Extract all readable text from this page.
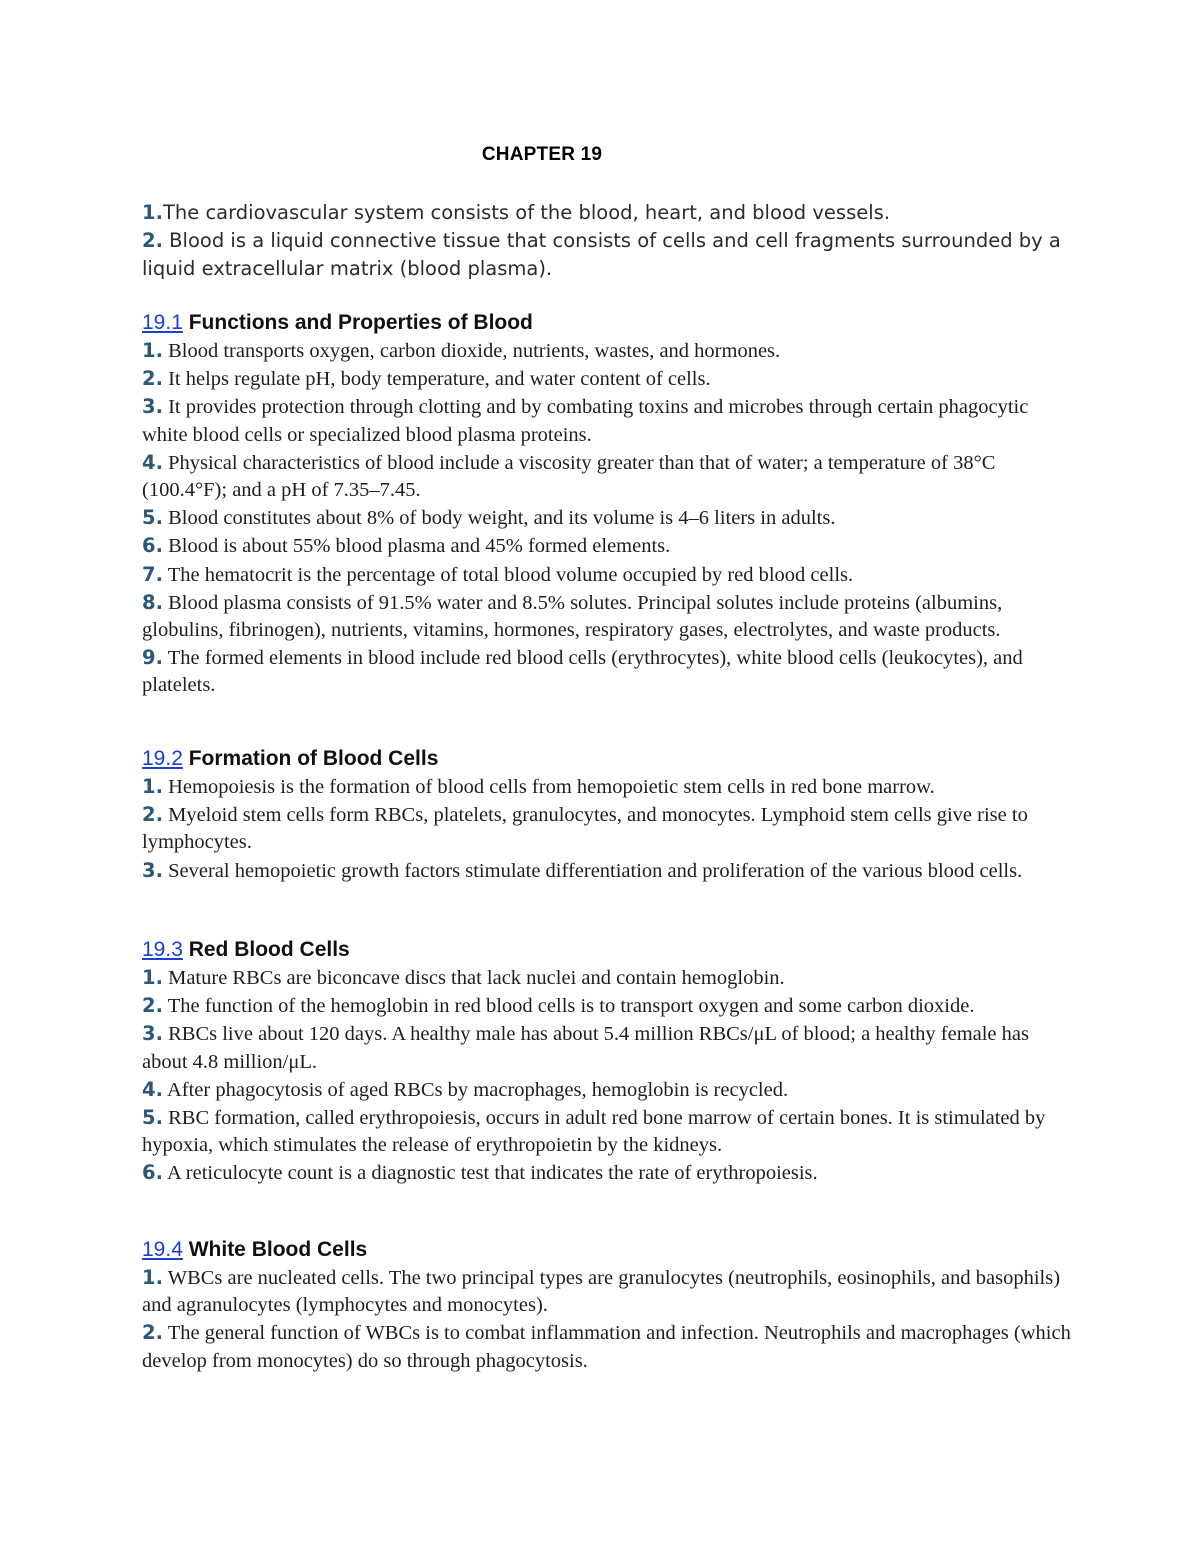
CHAPTER 19
1.The cardiovascular system consists of the blood, heart, and blood vessels.
2. Blood is a liquid connective tissue that consists of cells and cell fragments surrounded by a liquid extracellular matrix (blood plasma).

19.1 Functions and Properties of Blood

1. Blood transports oxygen, carbon dioxide, nutrients, wastes, and hormones.

2. It helps regulate pH, body temperature, and water content of cells.

3. It provides protection through clotting and by combating toxins and microbes through certain phagocytic white blood cells or specialized blood plasma proteins.

4. Physical characteristics of blood include a viscosity greater than that of water; a temperature of 38°C (100.4°F); and a pH of 7.35–7.45.

5. Blood constitutes about 8% of body weight, and its volume is 4–6 liters in adults.

6. Blood is about 55% blood plasma and 45% formed elements.

7. The hematocrit is the percentage of total blood volume occupied by red blood cells.

8. Blood plasma consists of 91.5% water and 8.5% solutes. Principal solutes include proteins (albumins, globulins, fibrinogen), nutrients, vitamins, hormones, respiratory gases, electrolytes, and waste products.

9. The formed elements in blood include red blood cells (erythrocytes), white blood cells (leukocytes), and platelets.

19.2 Formation of Blood Cells

1. Hemopoiesis is the formation of blood cells from hemopoietic stem cells in red bone marrow.

2. Myeloid stem cells form RBCs, platelets, granulocytes, and monocytes. Lymphoid stem cells give rise to lymphocytes.

3. Several hemopoietic growth factors stimulate differentiation and proliferation of the various blood cells.

19.3 Red Blood Cells

1. Mature RBCs are biconcave discs that lack nuclei and contain hemoglobin.

2. The function of the hemoglobin in red blood cells is to transport oxygen and some carbon dioxide.

3. RBCs live about 120 days. A healthy male has about 5.4 million RBCs/μL of blood; a healthy female has about 4.8 million/μL.

4. After phagocytosis of aged RBCs by macrophages, hemoglobin is recycled.

5. RBC formation, called erythropoiesis, occurs in adult red bone marrow of certain bones. It is stimulated by hypoxia, which stimulates the release of erythropoietin by the kidneys.

6. A reticulocyte count is a diagnostic test that indicates the rate of erythropoiesis.

19.4 White Blood Cells

1. WBCs are nucleated cells. The two principal types are granulocytes (neutrophils, eosinophils, and basophils) and agranulocytes (lymphocytes and monocytes).

2. The general function of WBCs is to combat inflammation and infection. Neutrophils and macrophages (which develop from monocytes) do so through phagocytosis.
